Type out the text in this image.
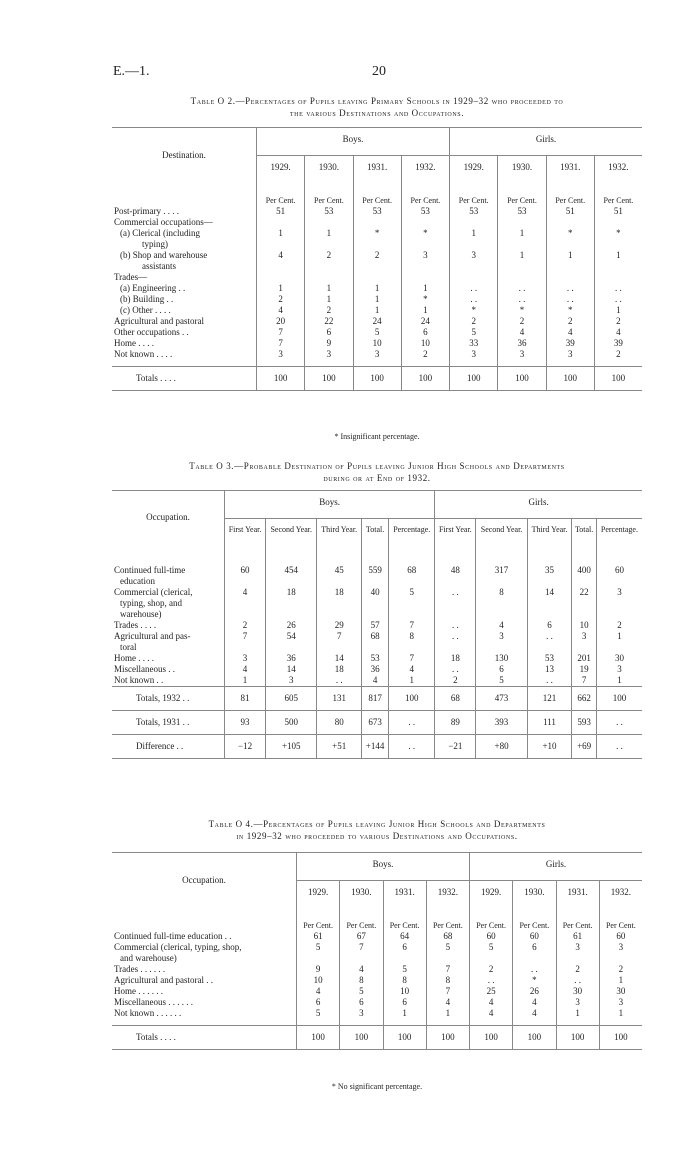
E.—1.	20
Table O 2.—Percentages of Pupils leaving Primary Schools in 1929–32 who proceeded to
the various Destinations and Occupations.
Destination.	Boys.				Girls.			
	1929.	1930.	1931.	1932.	1929.	1930.	1931.	1932.
	Per Cent.	Per Cent.	Per Cent.	Per Cent.	Per Cent.	Per Cent.	Per Cent.	Per Cent.
Post-primary . . . .	51	53	53	53	53	53	51	51
Commercial occupations—								
(a) Clerical (including	1	1	*	*	1	1	*	*
typing)								
(b) Shop and warehouse	4	2	2	3	3	1	1	1
assistants								
Trades—								
(a) Engineering . .	1	1	1	1	. .	. .	. .	. .
(b) Building . .	2	1	1	*	. .	. .	. .	. .
(c) Other . . . .	4	2	1	1	*	*	*	1
Agricultural and pastoral	20	22	24	24	2	2	2	2
Other occupations . .	7	6	5	6	5	4	4	4
Home . . . .	7	9	10	10	33	36	39	39
Not known . . . .	3	3	3	2	3	3	3	2

Totals . . . .	100	100	100	100	100	100	100	100
* Insignificant percentage.
Table O 3.—Probable Destination of Pupils leaving Junior High Schools and Departments
during or at End of 1932.
Occupation.	Boys.					Girls.				
	First Year.	Second Year.	Third Year.	Total.	Percentage.	First Year.	Second Year.	Third Year.	Total.	Percentage.

Continued full-time	60	454	45	559	68	48	317	35	400	60
education										
Commercial (clerical,	4	18	18	40	5	. .	8	14	22	3
typing, shop, and										
warehouse)										
Trades . . . .	2	26	29	57	7	. .	4	6	10	2
Agricultural and pas-	7	54	7	68	8	. .	3	. .	3	1
toral										
Home . . . .	3	36	14	53	7	18	130	53	201	30
Miscellaneous . .	4	14	18	36	4	. .	6	13	19	3
Not known . .	1	3	. .	4	1	2	5	. .	7	1
Totals, 1932 . .	81	605	131	817	100	68	473	121	662	100
Totals, 1931 . .	93	500	80	673	. .	89	393	111	593	. .
Difference . .	−12	+105	+51	+144	. .	−21	+80	+10	+69	. .
Table O 4.—Percentages of Pupils leaving Junior High Schools and Departments
in 1929–32 who proceeded to various Destinations and Occupations.
Occupation.	Boys.				Girls.			
	1929.	1930.	1931.	1932.	1929.	1930.	1931.	1932.
	Per Cent.	Per Cent.	Per Cent.	Per Cent.	Per Cent.	Per Cent.	Per Cent.	Per Cent.
Continued full-time education . .	61	67	64	68	60	60	61	60
Commercial (clerical, typing, shop,	5	7	6	5	5	6	3	3
and warehouse)								
Trades . . . . . .	9	4	5	7	2	. .	2	2
Agricultural and pastoral . .	10	8	8	8	. .	*	. .	1
Home . . . . . .	4	5	10	7	25	26	30	30
Miscellaneous . . . . . .	6	6	6	4	4	4	3	3
Not known . . . . . .	5	3	1	1	4	4	1	1

Totals . . . .	100	100	100	100	100	100	100	100
* No significant percentage.
